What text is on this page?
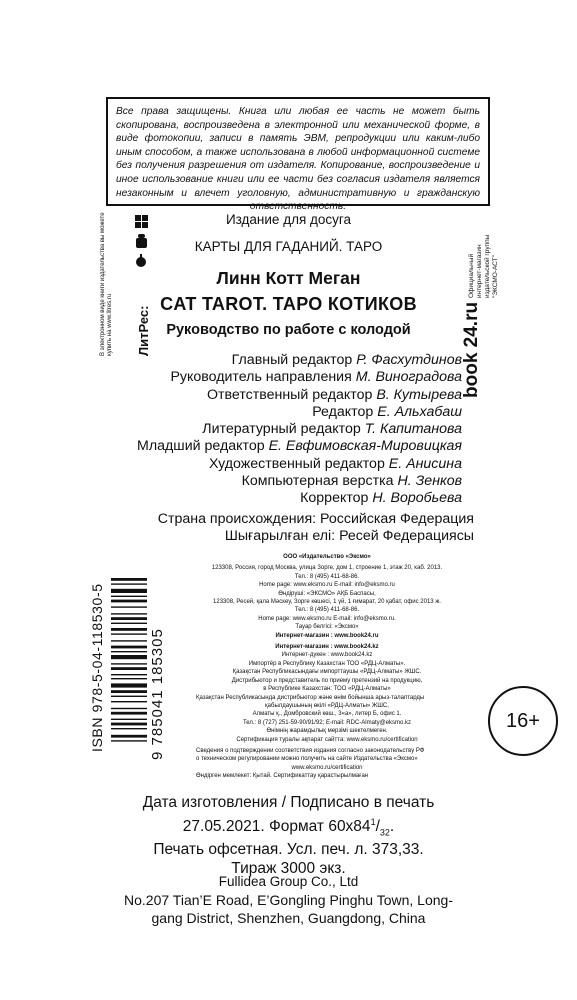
Все права защищены. Книга или любая ее часть не может быть скопирована, воспроизведена в электронной или механической форме, в виде фотокопии, записи в память ЭВМ, репродукции или каким-либо иным способом, а также использована в любой информационной системе без получения разрешения от издателя. Копирование, воспроизведение и иное использование книги или ее части без согласия издателя является незаконным и влечет уголовную, административную и гражданскую ответственность.
В электронном виде книги издательства вы можете купить на www.litres.ru ЛитРес:
Официальный интернет-магазин издательской группы "ЭКСМО-АСТ"
book 24.ru
Издание для досуга
КАРТЫ ДЛЯ ГАДАНИЙ. ТАРО
Линн Котт Меган
CAT TAROT. ТАРО КОТИКОВ
Руководство по работе с колодой
Главный редактор Р. Фасхутдинов
Руководитель направления М. Виноградова
Ответственный редактор В. Кутырева
Редактор Е. Альхабаш
Литературный редактор Т. Капитанова
Младший редактор Е. Евфимовская-Мировицкая
Художественный редактор Е. Анисина
Компьютерная верстка Н. Зенков
Корректор Н. Воробьева
Страна происхождения: Российская Федерация
Шығарылған елі: Ресей Федерациясы
ООО «Издательство «Эксмо»
123308, Россия, город Москва, улица Зорге, дом 1, строение 1, этаж 20, каб. 2013.
Тел.: 8 (495) 411-68-86.
Home page: www.eksmo.ru E-mail: info@eksmo.ru
Өндіруші: «ЭКСМО» АҚБ Баспасы,
123308, Ресей, қала Мәскеу, Зорге көшесі, 1 үй, 1 ғимарат, 20 қабат, офис 2013 ж.
Тел.: 8 (495) 411-68-86.
Home page: www.eksmo.ru E-mail: info@eksmo.ru.
Тауар белгісі: «Эксмо»
Интернет-магазин : www.book24.ru
Интернет-магазин : www.book24.kz
Интернет-дүкен : www.book24.kz
Импортёр в Республику Казахстан ТОО «РДЦ-Алматы».
Қазақстан Республикасындағы импорттаушы «РДЦ-Алматы» ЖШС.
Дистрибьютор и представитель по приему претензий на продукцию,
в Республике Казахстан: ТОО «РДЦ-Алматы»
Қазақстан Республикасында дистрибьютор және өнім бойынша арыз-талаптарды
қабылдаушының өкілі «РДЦ-Алматы» ЖШС,
Алматы қ., Домбровский көш., 3«а», литер Б, офис 1.
Тел.: 8 (727) 251-59-90/91/92; E-mail: RDC-Almaty@eksmo.kz
Өнімнің жарамдылық мерзімі шектелмеген.
Сертификация туралы ақпарат сайтта: www.eksmo.ru/certification
Сведения о подтверждении соответствия издания согласно законодательству РФ
о техническом регулировании можно получить на сайте Издательства «Эксмо»
www.eksmo.ru/certification
Өндірген мемлекет: Қытай. Сертификаттау қарастырылмаған
16+
ISBN 978-5-04-118530-5	9 785041 185305
Дата изготовления / Подписано в печать
27.05.2021. Формат $60х84^1/_{32}$.
Печать офсетная. Усл. печ. л. 373,33.
Тираж 3000 экз.
Fullidea Group Co., Ltd
No.207 Tian’E Road, E’Gongling Pinghu Town, Long-
gang District, Shenzhen, Guangdong, China
